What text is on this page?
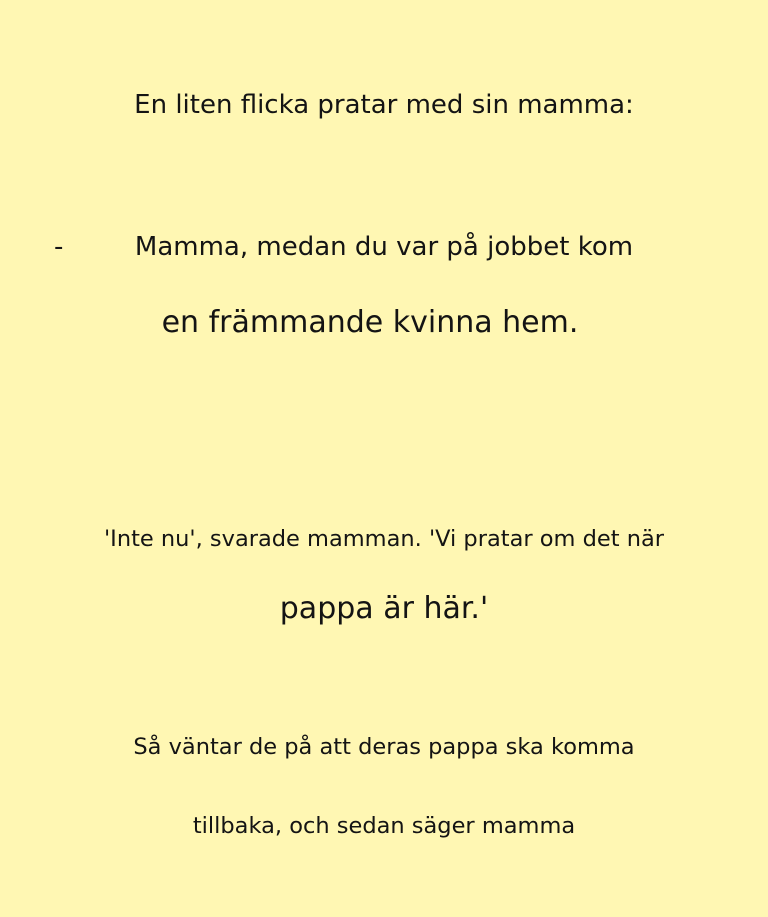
En liten flicka pratar med sin mamma:
-	Mamma, medan du var på jobbet kom
en främmande kvinna hem.
'Inte nu', svarade mamman. 'Vi pratar om det när
pappa är här.'
Så väntar de på att deras pappa ska komma
tillbaka, och sedan säger mamma
